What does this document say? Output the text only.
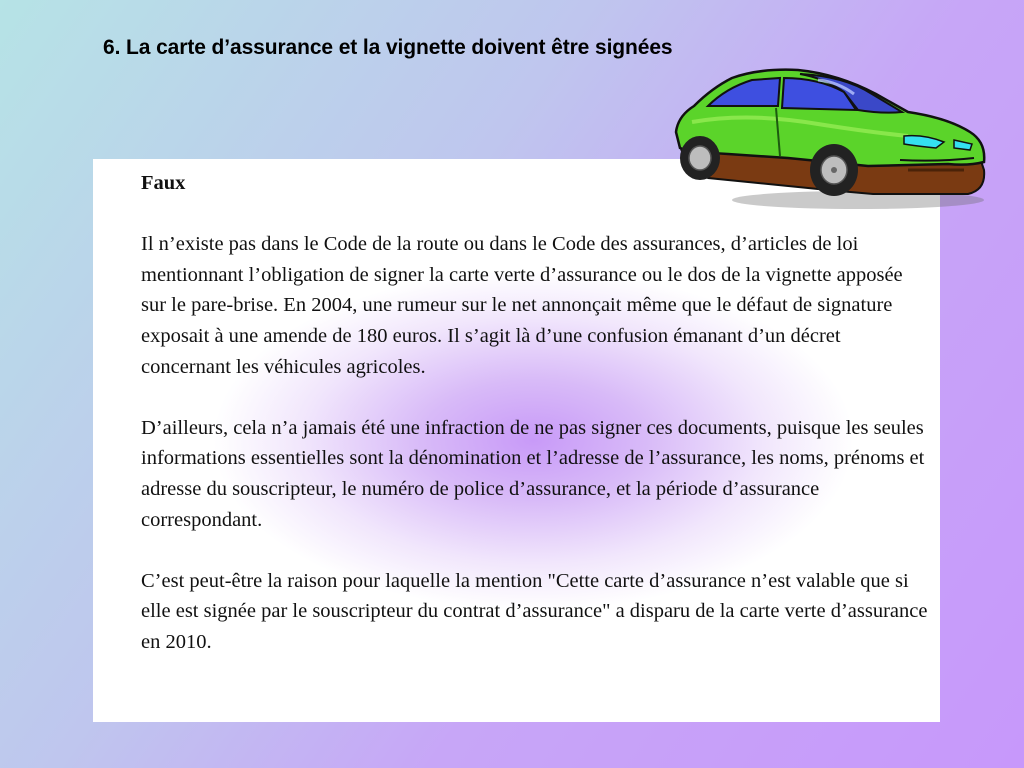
6. La carte d’assurance et la vignette doivent être signées

Faux

Il n’existe pas dans le Code de la route ou dans le Code des assurances, d’articles de loi mentionnant l’obligation de signer la carte verte d’assurance ou le dos de la vignette apposée sur le pare-brise. En 2004, une rumeur sur le net annonçait même que le défaut de signature exposait à une amende de 180 euros. Il s’agit là d’une confusion émanant d’un décret concernant les véhicules agricoles.

D’ailleurs, cela n’a jamais été une infraction de ne pas signer ces documents, puisque les seules informations essentielles sont la dénomination et l’adresse de l’assurance, les noms, prénoms et adresse du souscripteur, le numéro de police d’assurance, et la période d’assurance correspondant.

C’est peut-être la raison pour laquelle la mention "Cette carte d’assurance n’est valable que si elle est signée par le souscripteur du contrat d’assurance" a disparu de la carte verte d’assurance en 2010.
